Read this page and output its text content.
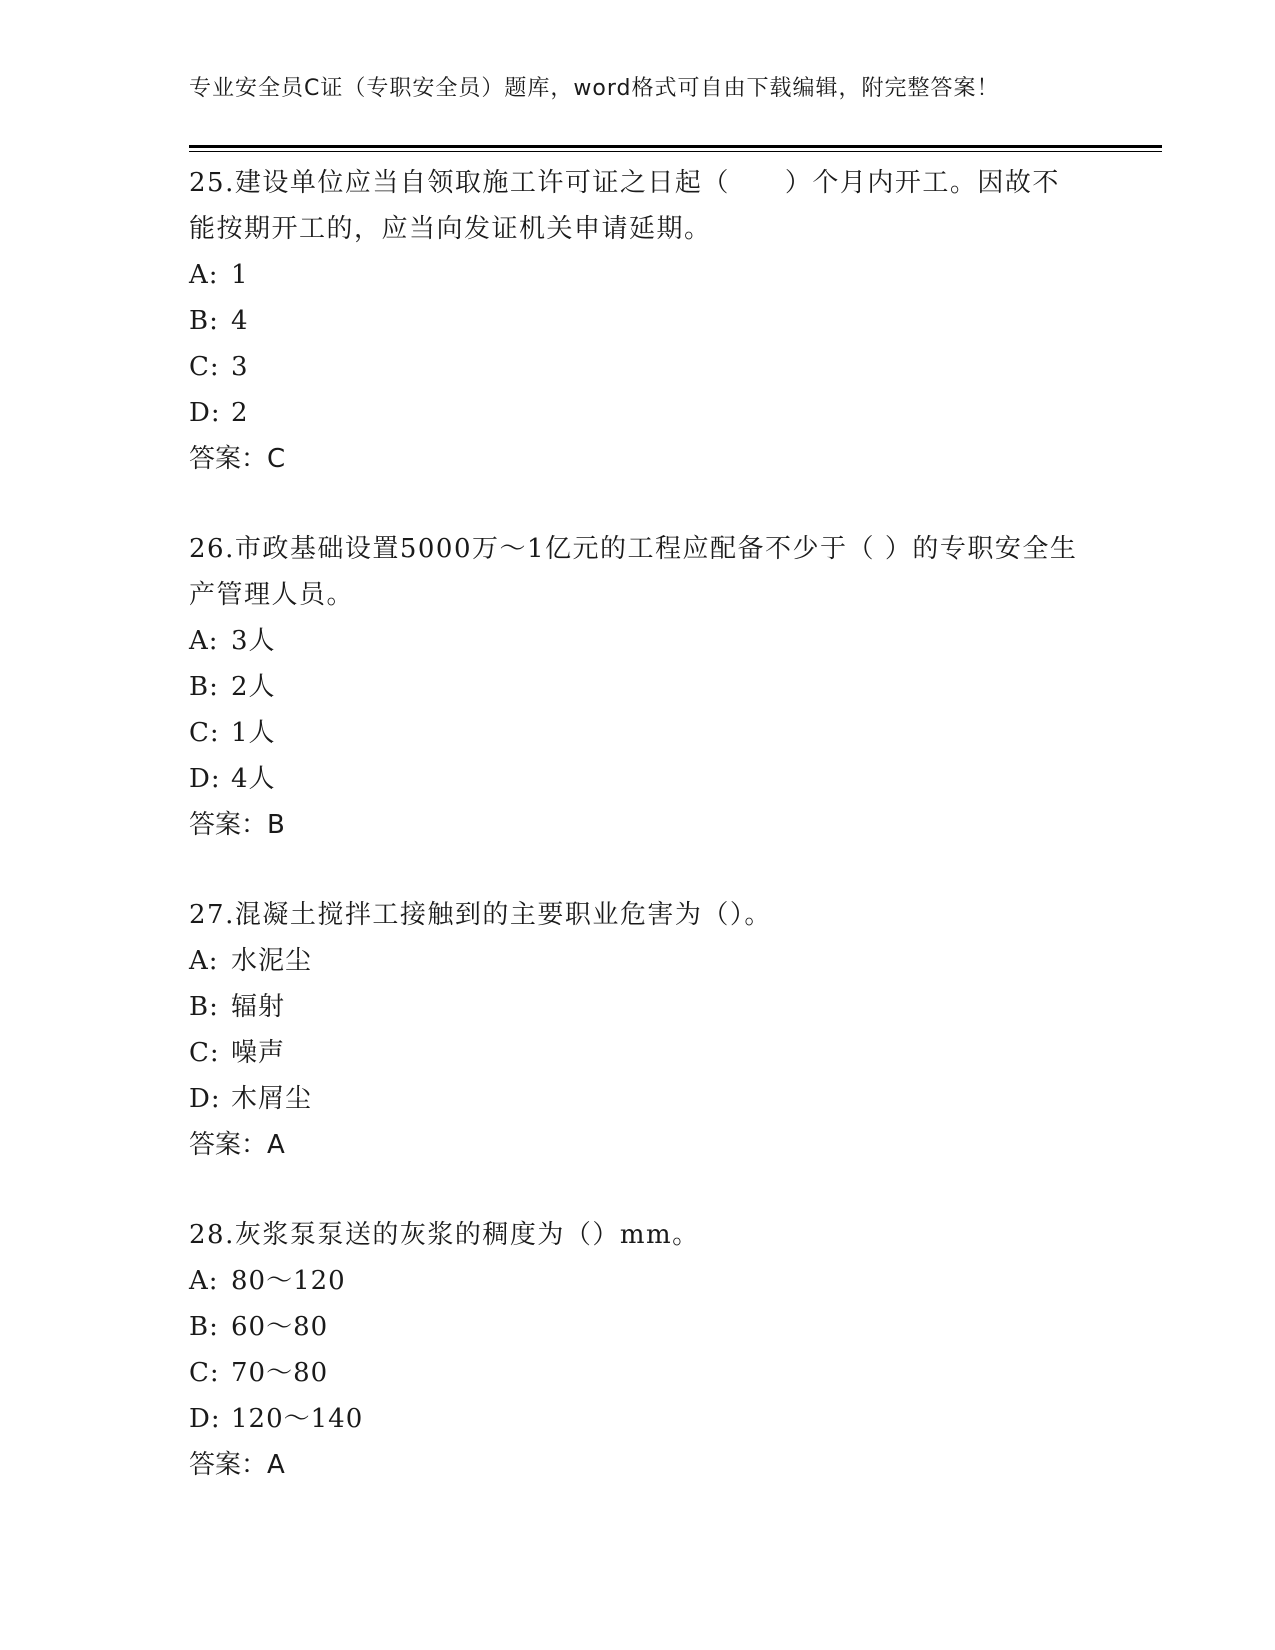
专业安全员C证（专职安全员）题库，word格式可自由下载编辑，附完整答案！
25.建设单位应当自领取施工许可证之日起（　　）个月内开工。因故不能按期开工的，应当向发证机关申请延期。
A: 1
B: 4
C: 3
D: 2
答案：C
26.市政基础设置5000万～1亿元的工程应配备不少于（ ）的专职安全生产管理人员。
A: 3人
B: 2人
C: 1人
D: 4人
答案：B
27.混凝土搅拌工接触到的主要职业危害为（）。
A: 水泥尘
B: 辐射
C: 噪声
D: 木屑尘
答案：A
28.灰浆泵泵送的灰浆的稠度为（）mm。
A: 80～120
B: 60～80
C: 70～80
D: 120～140
答案：A
